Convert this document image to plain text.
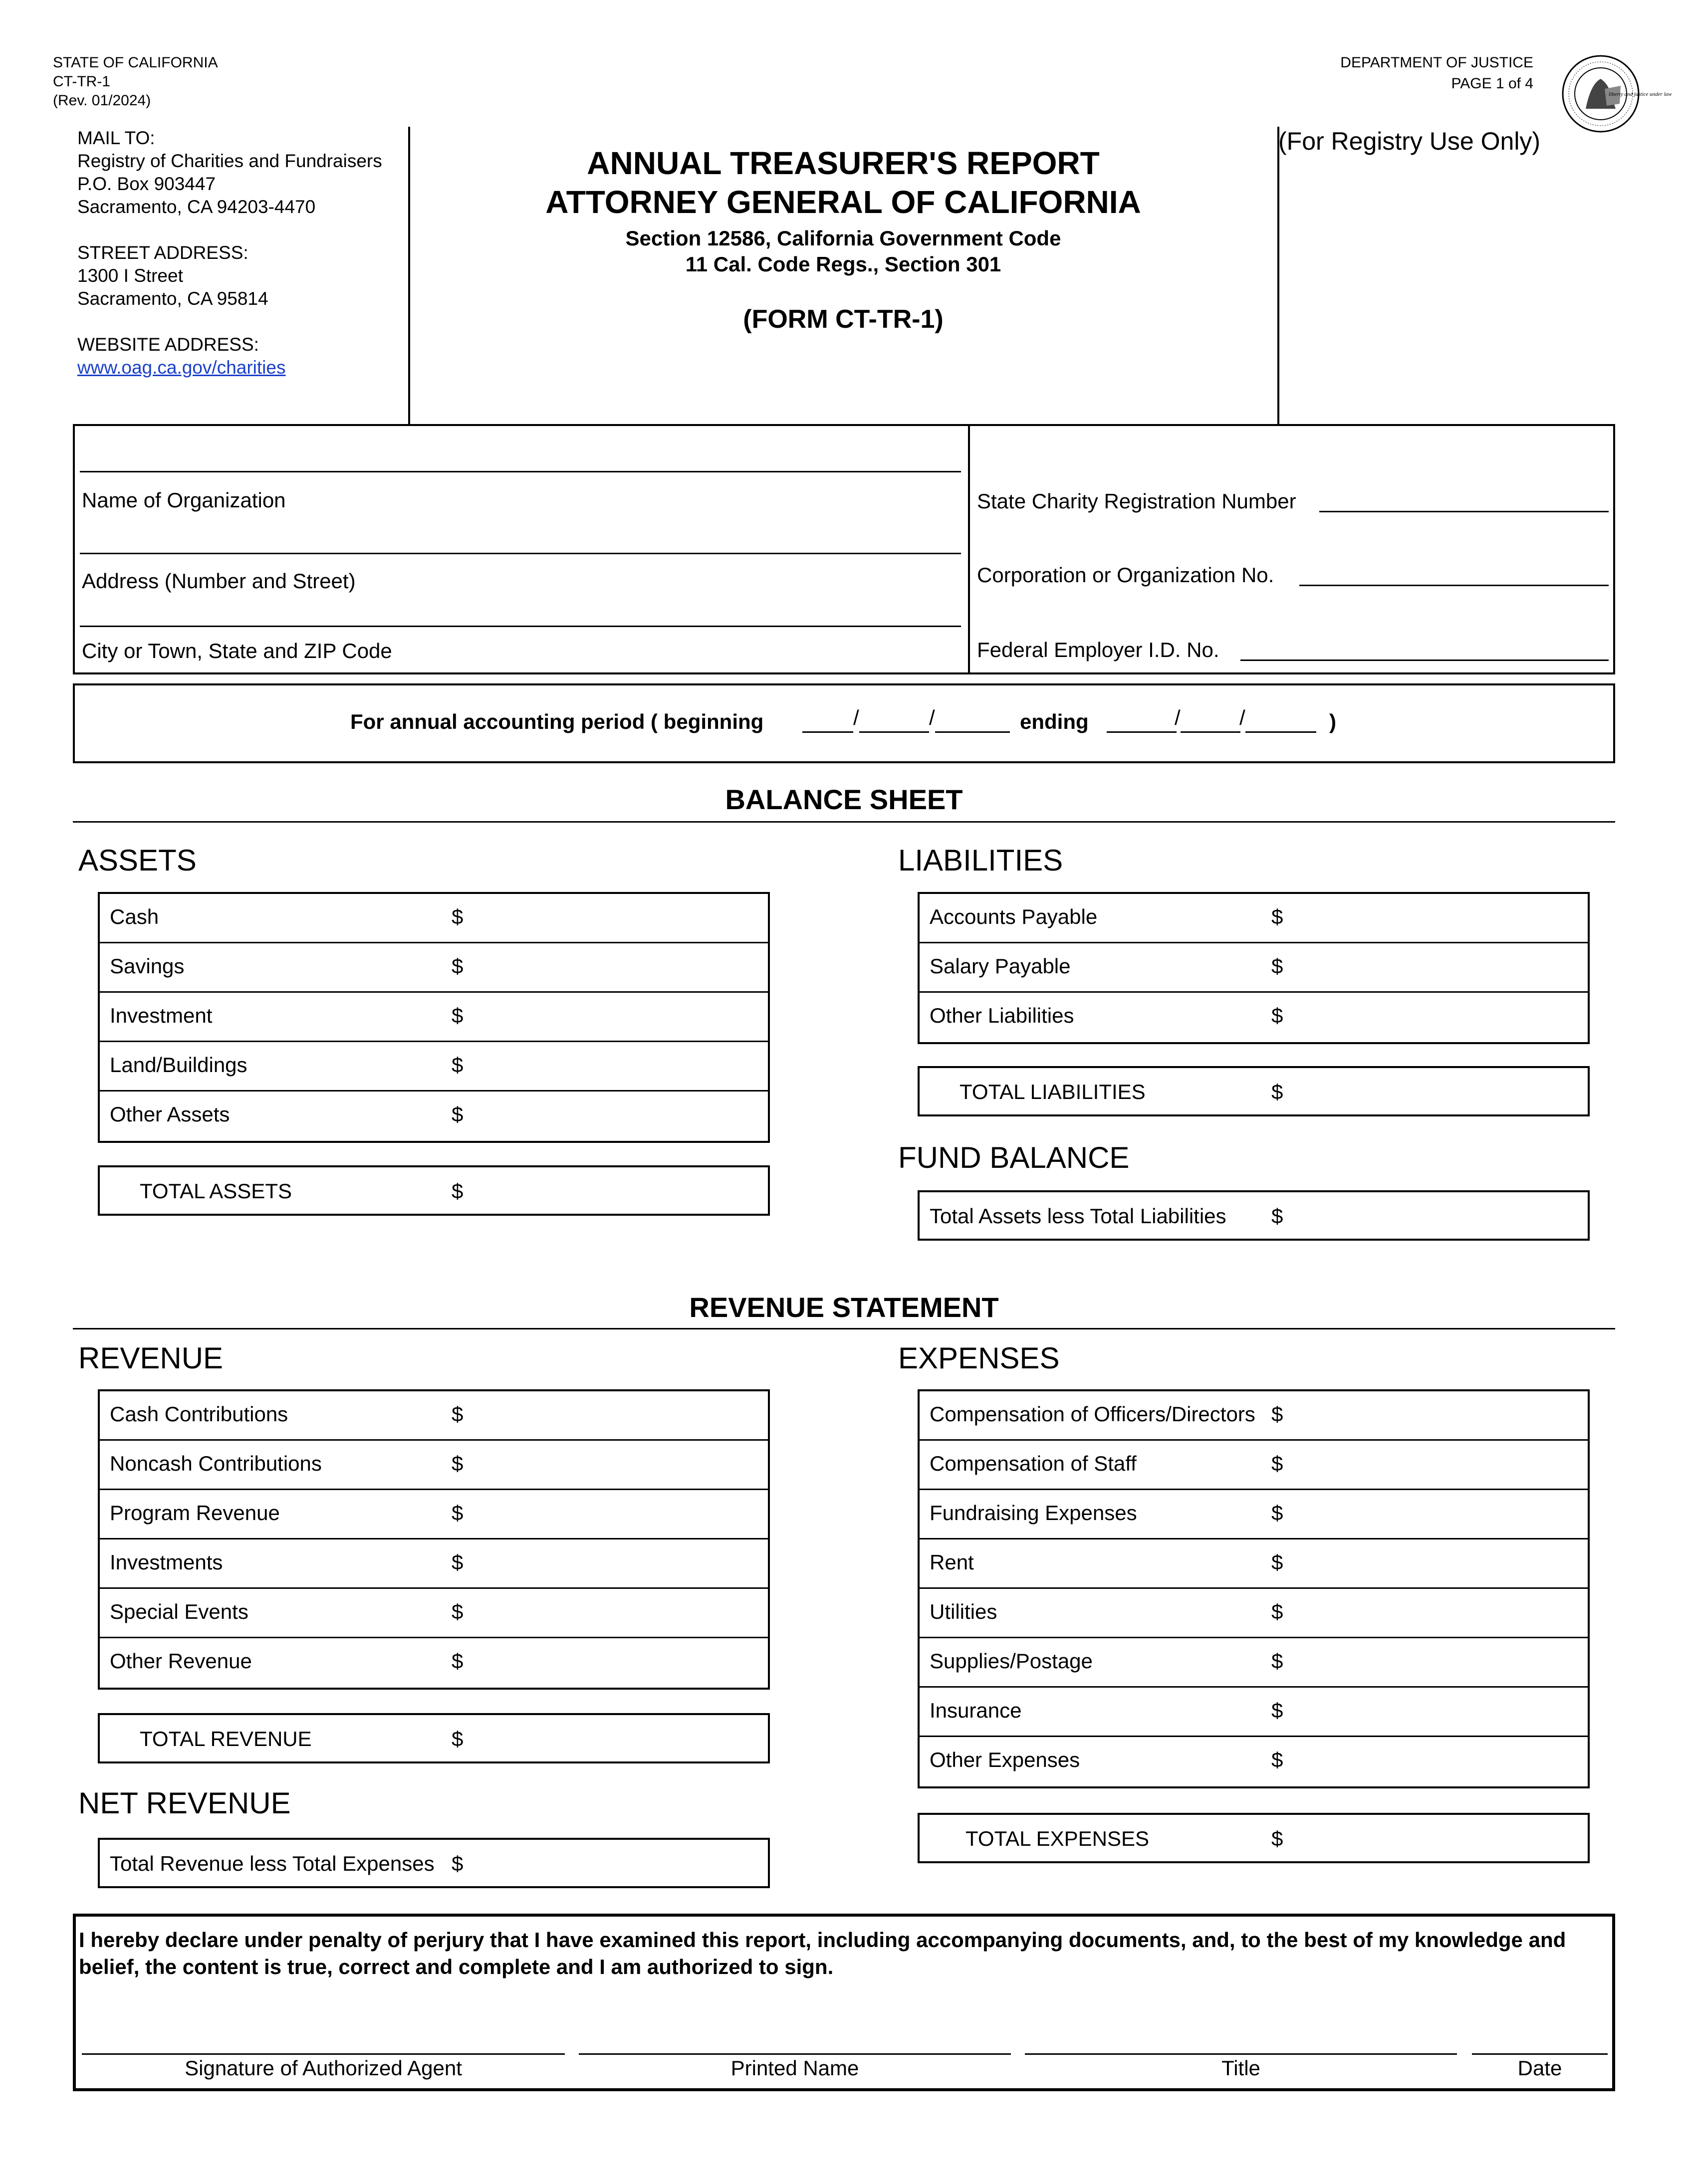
STATE OF CALIFORNIA
CT-TR-1
(Rev. 01/2024)
DEPARTMENT OF JUSTICE
PAGE 1 of 4
liberty and justice under law
MAIL TO:
Registry of Charities and Fundraisers
P.O. Box 903447
Sacramento, CA 94203-4470
STREET ADDRESS:
1300 I Street
Sacramento, CA 95814
WEBSITE ADDRESS:
www.oag.ca.gov/charities
ANNUAL TREASURER'S REPORT
ATTORNEY GENERAL OF CALIFORNIA
Section 12586, California Government Code
11 Cal. Code Regs., Section 301
(FORM CT-TR-1)
(For Registry Use Only)
Name of Organization
Address (Number and Street)
City or Town, State and ZIP Code
State Charity Registration Number
Corporation or Organization No.
Federal Employer I.D. No.
For annual accounting period ( beginning	/	/	ending	/	/	)
BALANCE SHEET
ASSETS
Cash	$
Savings	$
Investment	$
Land/Buildings	$
Other Assets	$
TOTAL ASSETS	$
LIABILITIES
Accounts Payable	$
Salary Payable	$
Other Liabilities	$
TOTAL LIABILITIES	$
FUND BALANCE
Total Assets less Total Liabilities $
REVENUE STATEMENT
REVENUE
Cash Contributions	$
Noncash Contributions	$
Program Revenue	$
Investments	$
Special Events	$
Other Revenue	$
TOTAL REVENUE	$
NET REVENUE
Total Revenue less Total Expenses $
EXPENSES
Compensation of Officers/Directors $
Compensation of Staff	$
Fundraising Expenses	$
Rent	$
Utilities	$
Supplies/Postage	$
Insurance	$
Other Expenses	$
TOTAL EXPENSES	$
I hereby declare under penalty of perjury that I have examined this report, including accompanying documents, and, to the best of my knowledge and belief, the content is true, correct and complete and I am authorized to sign.
Signature of Authorized Agent	Printed Name	Title	Date
